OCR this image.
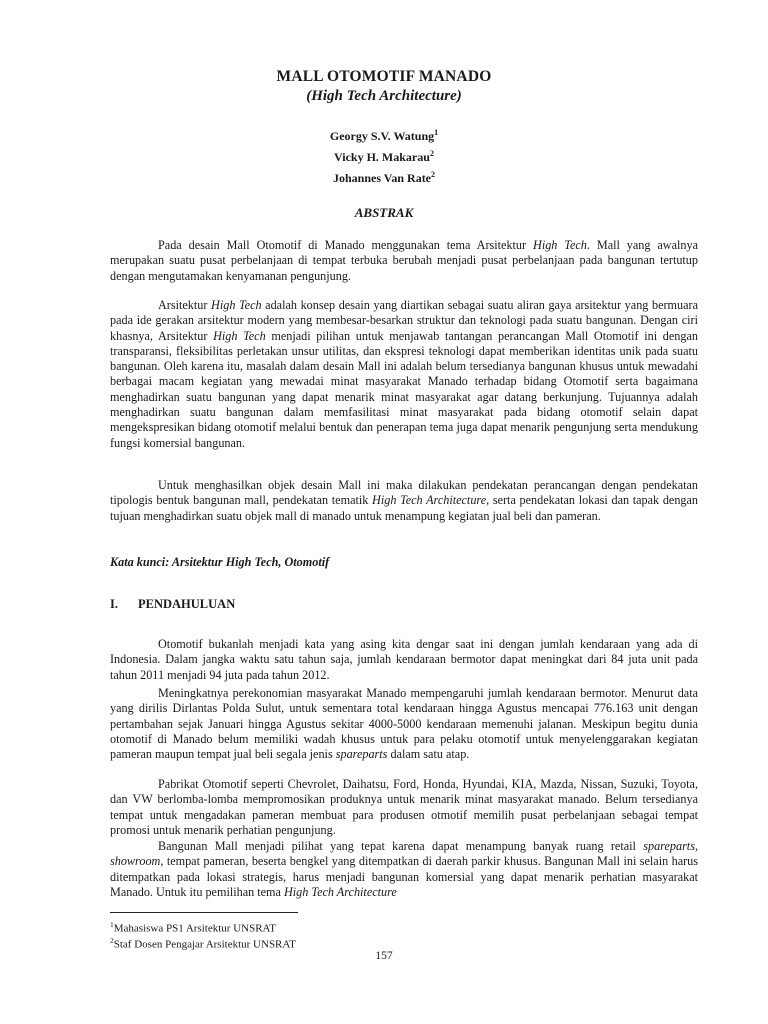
MALL OTOMOTIF MANADO
(High Tech Architecture)
Georgy S.V. Watung$^1$
Vicky H. Makarau$^2$
Johannes Van Rate$^2$
ABSTRAK

Pada desain Mall Otomotif di Manado menggunakan tema Arsitektur High Tech. Mall yang awalnya merupakan suatu pusat perbelanjaan di tempat terbuka berubah menjadi pusat perbelanjaan pada bangunan tertutup dengan mengutamakan kenyamanan pengunjung.

Arsitektur High Tech adalah konsep desain yang diartikan sebagai suatu aliran gaya arsitektur yang bermuara pada ide gerakan arsitektur modern yang membesar-besarkan struktur dan teknologi pada suatu bangunan. Dengan ciri khasnya, Arsitektur High Tech menjadi pilihan untuk menjawab tantangan perancangan Mall Otomotif ini dengan transparansi, fleksibilitas perletakan unsur utilitas, dan ekspresi teknologi dapat memberikan identitas unik pada suatu bangunan. Oleh karena itu, masalah dalam desain Mall ini adalah belum tersedianya bangunan khusus untuk mewadahi berbagai macam kegiatan yang mewadai minat masyarakat Manado terhadap bidang Otomotif serta bagaimana menghadirkan suatu bangunan yang dapat menarik minat masyarakat agar datang berkunjung. Tujuannya adalah menghadirkan suatu bangunan dalam memfasilitasi minat masyarakat pada bidang otomotif selain dapat mengekspresikan bidang otomotif melalui bentuk dan penerapan tema juga dapat menarik pengunjung serta mendukung fungsi komersial bangunan.

Untuk menghasilkan objek desain Mall ini maka dilakukan pendekatan perancangan dengan pendekatan tipologis bentuk bangunan mall, pendekatan tematik High Tech Architecture, serta pendekatan lokasi dan tapak dengan tujuan menghadirkan suatu objek mall di manado untuk menampung kegiatan jual beli dan pameran.

Kata kunci: Arsitektur High Tech, Otomotif
I. PENDAHULUAN

Otomotif bukanlah menjadi kata yang asing kita dengar saat ini dengan jumlah kendaraan yang ada di Indonesia. Dalam jangka waktu satu tahun saja, jumlah kendaraan bermotor dapat meningkat dari 84 juta unit pada tahun 2011 menjadi 94 juta pada tahun 2012.

Meningkatnya perekonomian masyarakat Manado mempengaruhi jumlah kendaraan bermotor. Menurut data yang dirilis Dirlantas Polda Sulut, untuk sementara total kendaraan hingga Agustus mencapai 776.163 unit dengan pertambahan sejak Januari hingga Agustus sekitar 4000-5000 kendaraan memenuhi jalanan. Meskipun begitu dunia otomotif di Manado belum memiliki wadah khusus untuk para pelaku otomotif untuk menyelenggarakan kegiatan pameran maupun tempat jual beli segala jenis spareparts dalam satu atap.

Pabrikat Otomotif seperti Chevrolet, Daihatsu, Ford, Honda, Hyundai, KIA, Mazda, Nissan, Suzuki, Toyota, dan VW berlomba-lomba mempromosikan produknya untuk menarik minat masyarakat manado. Belum tersedianya tempat untuk mengadakan pameran membuat para produsen otmotif memilih pusat perbelanjaan sebagai tempat promosi untuk menarik perhatian pengunjung.

Bangunan Mall menjadi pilihat yang tepat karena dapat menampung banyak ruang retail spareparts, showroom, tempat pameran, beserta bengkel yang ditempatkan di daerah parkir khusus. Bangunan Mall ini selain harus ditempatkan pada lokasi strategis, harus menjadi bangunan komersial yang dapat menarik perhatian masyarakat Manado. Untuk itu pemilihan tema High Tech Architecture

$^1$Mahasiswa PS1 Arsitektur UNSRAT
$^2$Staf Dosen Pengajar Arsitektur UNSRAT
157
